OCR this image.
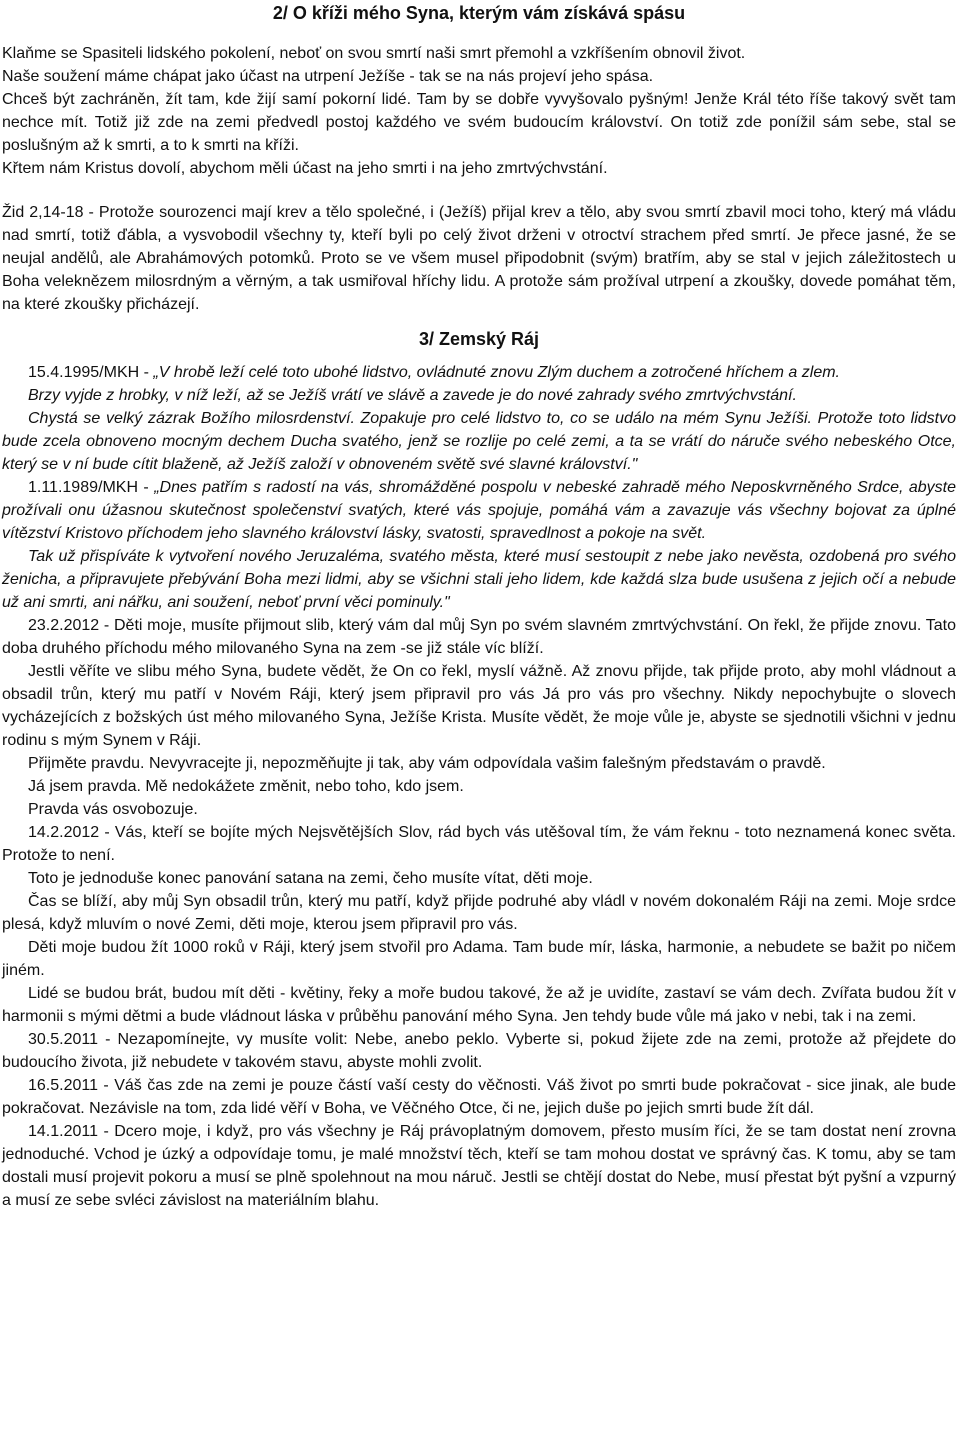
2/ O kříži mého Syna, kterým vám získává spásu

Klaňme se Spasiteli lidského pokolení, neboť on svou smrtí naši smrt přemohl a vzkříšením obnovil život.

Naše soužení máme chápat jako účast na utrpení Ježíše - tak se na nás projeví jeho spása.

Chceš být zachráněn, žít tam, kde žijí samí pokorní lidé. Tam by se dobře vyvyšovalo pyšným! Jenže Král této říše takový svět tam nechce mít. Totiž již zde na zemi předvedl postoj každého ve svém budoucím království. On totiž zde ponížil sám sebe, stal se poslušným až k smrti, a to k smrti na kříži.

Křtem nám Kristus dovolí, abychom měli účast na jeho smrti i na jeho zmrtvýchvstání.

Žid 2,14-18 - Protože sourozenci mají krev a tělo společné, i (Ježíš) přijal krev a tělo, aby svou smrtí zbavil moci toho, který má vládu nad smrtí, totiž ďábla, a vysvobodil všechny ty, kteří byli po celý život drženi v otroctví strachem před smrtí. Je přece jasné, že se neujal andělů, ale Abrahámových potomků. Proto se ve všem musel připodobnit (svým) bratřím, aby se stal v jejich záležitostech u Boha veleknězem milosrdným a věrným, a tak usmiřoval hříchy lidu. A protože sám prožíval utrpení a zkoušky, dovede pomáhat těm, na které zkoušky přicházejí.

3/ Zemský Ráj

15.4.1995/MKH - „V hrobě leží celé toto ubohé lidstvo, ovládnuté znovu Zlým duchem a zotročené hříchem a zlem.

Brzy vyjde z hrobky, v níž leží, až se Ježíš vrátí ve slávě a zavede je do nové zahrady svého zmrtvýchvstání.

Chystá se velký zázrak Božího milosrdenství. Zopakuje pro celé lidstvo to, co se událo na mém Synu Ježíši. Protože toto lidstvo bude zcela obnoveno mocným dechem Ducha svatého, jenž se rozlije po celé zemi, a ta se vrátí do náruče svého nebeského Otce, který se v ní bude cítit blaženě, až Ježíš založí v obnoveném světě své slavné království."

1.11.1989/MKH - „Dnes patřím s radostí na vás, shromážděné pospolu v nebeské zahradě mého Neposkvrněného Srdce, abyste prožívali onu úžasnou skutečnost společenství svatých, které vás spojuje, pomáhá vám a zavazuje vás všechny bojovat za úplné vítězství Kristovo příchodem jeho slavného království lásky, svatosti, spravedlnost a pokoje na svět.

Tak už přispíváte k vytvoření nového Jeruzaléma, svatého města, které musí sestoupit z nebe jako nevěsta, ozdobená pro svého ženicha, a připravujete přebývání Boha mezi lidmi, aby se všichni stali jeho lidem, kde každá slza bude usušena z jejich očí a nebude už ani smrti, ani nářku, ani soužení, neboť první věci pominuly."

23.2.2012 - Děti moje, musíte přijmout slib, který vám dal můj Syn po svém slavném zmrtvýchvstání. On řekl, že přijde znovu. Tato doba druhého příchodu mého milovaného Syna na zem -se již stále víc blíží.

Jestli věříte ve slibu mého Syna, budete vědět, že On co řekl, myslí vážně. Až znovu přijde, tak přijde proto, aby mohl vládnout a obsadil trůn, který mu patří v Novém Ráji, který jsem připravil pro vás Já pro vás pro všechny. Nikdy nepochybujte o slovech vycházejících z božských úst mého milovaného Syna, Ježíše Krista. Musíte vědět, že moje vůle je, abyste se sjednotili všichni v jednu rodinu s mým Synem v Ráji.

Přijměte pravdu. Nevyvracejte ji, nepozměňujte ji tak, aby vám odpovídala vašim falešným představám o pravdě.

Já jsem pravda. Mě nedokážete změnit, nebo toho, kdo jsem.

Pravda vás osvobozuje.

14.2.2012 - Vás, kteří se bojíte mých Nejsvětějších Slov, rád bych vás utěšoval tím, že vám řeknu - toto neznamená konec světa. Protože to není.

Toto je jednoduše konec panování satana na zemi, čeho musíte vítat, děti moje.

Čas se blíží, aby můj Syn obsadil trůn, který mu patří, když přijde podruhé aby vládl v novém dokonalém Ráji na zemi. Moje srdce plesá, když mluvím o nové Zemi, děti moje, kterou jsem připravil pro vás.

Děti moje budou žít 1000 roků v Ráji, který jsem stvořil pro Adama. Tam bude mír, láska, harmonie, a nebudete se bažit po ničem jiném.

Lidé se budou brát, budou mít děti - květiny, řeky a moře budou takové, že až je uvidíte, zastaví se vám dech. Zvířata budou žít v harmonii s mými dětmi a bude vládnout láska v průběhu panování mého Syna. Jen tehdy bude vůle má jako v nebi, tak i na zemi.

30.5.2011 - Nezapomínejte, vy musíte volit: Nebe, anebo peklo. Vyberte si, pokud žijete zde na zemi, protože až přejdete do budoucího života, již nebudete v takovém stavu, abyste mohli zvolit.

16.5.2011 - Váš čas zde na zemi je pouze částí vaší cesty do věčnosti. Váš život po smrti bude pokračovat - sice jinak, ale bude pokračovat. Nezávisle na tom, zda lidé věří v Boha, ve Věčného Otce, či ne, jejich duše po jejich smrti bude žít dál.

14.1.2011 - Dcero moje, i když, pro vás všechny je Ráj právoplatným domovem, přesto musím říci, že se tam dostat není zrovna jednoduché. Vchod je úzký a odpovídaje tomu, je malé množství těch, kteří se tam mohou dostat ve správný čas. K tomu, aby se tam dostali musí projevit pokoru a musí se plně spolehnout na mou náruč. Jestli se chtějí dostat do Nebe, musí přestat být pyšní a vzpurný a musí ze sebe svléci závislost na materiálním blahu.
